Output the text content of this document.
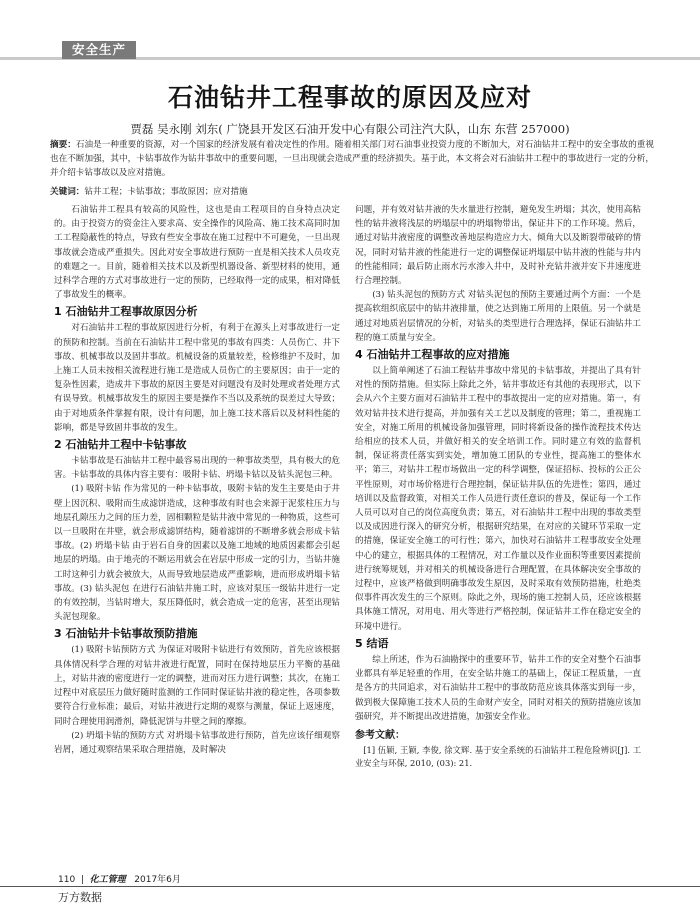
安全生产
石油钻井工程事故的原因及应对
贾磊 吴永刚 刘东( 广饶县开发区石油开发中心有限公司注汽大队，山东 东营 257000)
摘要：石油是一种重要的资源，对一个国家的经济发展有着决定性的作用。随着相关部门对石油事业投资力度的不断加大，对石油钻井工程中的安全事故的重视也在不断加强，其中，卡钻事故作为钻井事故中的重要问题，一旦出现就会造成严重的经济损失。基于此，本文将会对石油钻井工程中的事故进行一定的分析，并介绍卡钻事故以及应对措施。
关键词：钻井工程；卡钻事故；事故原因；应对措施

石油钻井工程具有较高的风险性，这也是由工程项目的自身特点决定的。由于投资方的资金注入要求高、安全操作的风险高、施工技术高同时加工工程隐蔽性的特点，导致有些安全事故在施工过程中不可避免，一旦出现事故就会造成严重损失。因此对安全事故进行预防一直是相关技术人员攻克的难题之一。目前，随着相关技术以及新型机器设备、新型材料的使用，通过科学合理的方式对事故进行一定的预防，已经取得一定的成果，相对降低了事故发生的概率。

1 石油钻井工程事故原因分析

对石油钻井工程的事故原因进行分析，有利于在源头上对事故进行一定的预防和控制。当前在石油钻井工程中常见的事故有四类：人员伤亡、井下事故、机械事故以及固井事故。机械设备的质量较差，检修维护不及时，加上施工人员未按相关流程进行施工是造成人员伤亡的主要原因；由于一定的复杂性因素，造成井下事故的原因主要是对问题没有及时处理或者处理方式有误导致。机械事故发生的原因主要是操作不当以及系统的误差过大导致；由于对地质条件掌握有限，设计有问题，加上施工技术落后以及材料性能的影响，都是导致固井事故的发生。

2 石油钻井工程中卡钻事故

卡钻事故是石油钻井工程中最容易出现的一种事故类型，具有极大的危害。卡钻事故的具体内容主要有：吸附卡钻、坍塌卡钻以及钻头泥包三种。

(1) 吸附卡钻 作为常见的一种卡钻事故，吸附卡钻的发生主要是由于井壁上因沉积、吸附而生成滤饼造成，这种事故有时也会来源于泥浆柱压力与地层孔隙压力之间的压力差，固相颗粒是钻井液中常见的一种物质，这些可以一旦吸附在井壁，就会形成滤饼结构，随着滤饼的不断增多就会形成卡钻事故。(2) 坍塌卡钻 由于岩石自身的因素以及施工地域的地质因素都会引起地层的坍塌。由于地壳的不断运用就会在岩层中形成一定的引力，当钻井施工时这种引力就会被放大，从而导致地层造成严重影响，进而形成坍塌卡钻事故。(3) 钻头泥包 在进行石油钻井施工时，应该对泵压一级钻井进行一定的有效控制，当钻时增大，泵压降低时，就会造成一定的危害，甚至出现钻头泥包现象。

3 石油钻井卡钻事故预防措施

(1) 吸附卡钻预防方式 为保证对吸附卡钻进行有效预防，首先应该根据具体情况科学合理的对钻井液进行配置，同时在保持地层压力平衡的基础上，对钻井液的密度进行一定的调整，进而对压力进行调整；其次，在施工过程中对底层压力做好随时监测的工作同时保证钻井液的稳定性，各项参数要符合行业标准；最后，对钻井液进行定期的观察与测量，保证上返速度，同时合理使用润滑剂，降低泥饼与井壁之间的摩擦。

(2) 坍塌卡钻的预防方式 对坍塌卡钻事故进行预防，首先应该仔细观察岩屑，通过观察结果采取合理措施，及时解决

问题，并有效对钻井液的失水量进行控制，避免发生坍塌；其次，使用高粘性的钻井液将浅层的坍塌层中的坍塌物带出，保证井下的工作环境。然后，通过对钻井液密度的调整改善地层构造应力大、倾角大以及断裂带破碎的情况，同时对钻井液的性能进行一定的调整保证坍塌层中钻井液的性能与井内的性能相同；最后防止雨水污水渗入井中，及时补充钻井液并安下井速度进行合理控制。

(3) 钻头泥包的预防方式 对钻头泥包的预防主要通过两个方面：一个是提高软组织底层中的钻井液排量，使之达到施工所用的上限值。另一个就是通过对地质岩层情况的分析，对钻头的类型进行合理选择，保证石油钻井工程的施工质量与安全。

4 石油钻井工程事故的应对措施

以上简单阐述了石油工程钻井事故中常见的卡钻事故，并提出了具有针对性的预防措施。但实际上除此之外，钻井事故还有其他的表现形式，以下会从六个主要方面对石油钻井工程中的事故提出一定的应对措施。第一，有效对钻井技术进行提高，并加强有关工艺以及制度的管理；第二，重视施工安全，对施工所用的机械设备加强管理，同时将新设备的操作流程技术传达给相应的技术人员，并做好相关的安全培训工作。同时建立有效的监督机制，保证将责任落实到实处，增加施工团队的专业性，提高施工的整体水平；第三，对钻井工程市场做出一定的科学调整，保证招标、投标的公正公平性原则，对市场价格进行合理控制，保证钻井队伍的先进性；第四，通过培训以及监督政策，对相关工作人员进行责任意识的普及，保证每一个工作人员可以对自己的岗位高度负责；第五，对石油钻井工程中出现的事故类型以及成因进行深入的研究分析，根据研究结果，在对应的关键环节采取一定的措施，保证安全施工的可行性；第六，加快对石油钻井工程事故安全处理中心的建立，根据具体的工程情况，对工作量以及作业面积等重要因素提前进行统筹规划，并对相关的机械设备进行合理配置，在具体解决安全事故的过程中，应该严格做到明确事故发生原因，及时采取有效预防措施，杜绝类似事件再次发生的三个原则。除此之外，现场的施工控制人员，还应该根据具体施工情况，对用电、用火等进行严格控制，保证钻井工作在稳定安全的环境中进行。

5 结语

综上所述，作为石油勘探中的重要环节，钻井工作的安全对整个石油事业都具有举足轻重的作用，在安全钻井施工的基础上，保证工程质量，一直是各方的共同追求，对石油钻井工程中的事故防范应该具体落实到每一步，做到极大保障施工技术人员的生命财产安全，同时对相关的预防措施应该加强研究，并不断提出改进措施，加强安全作业。

参考文献：

[1] 伍颖, 王颖, 李俊, 徐文辉. 基于安全系统的石油钻井工程危险辨识[J]. 工业安全与环保, 2010, (03): 21.

110  |  化工管理 2017年6月
万方数据
